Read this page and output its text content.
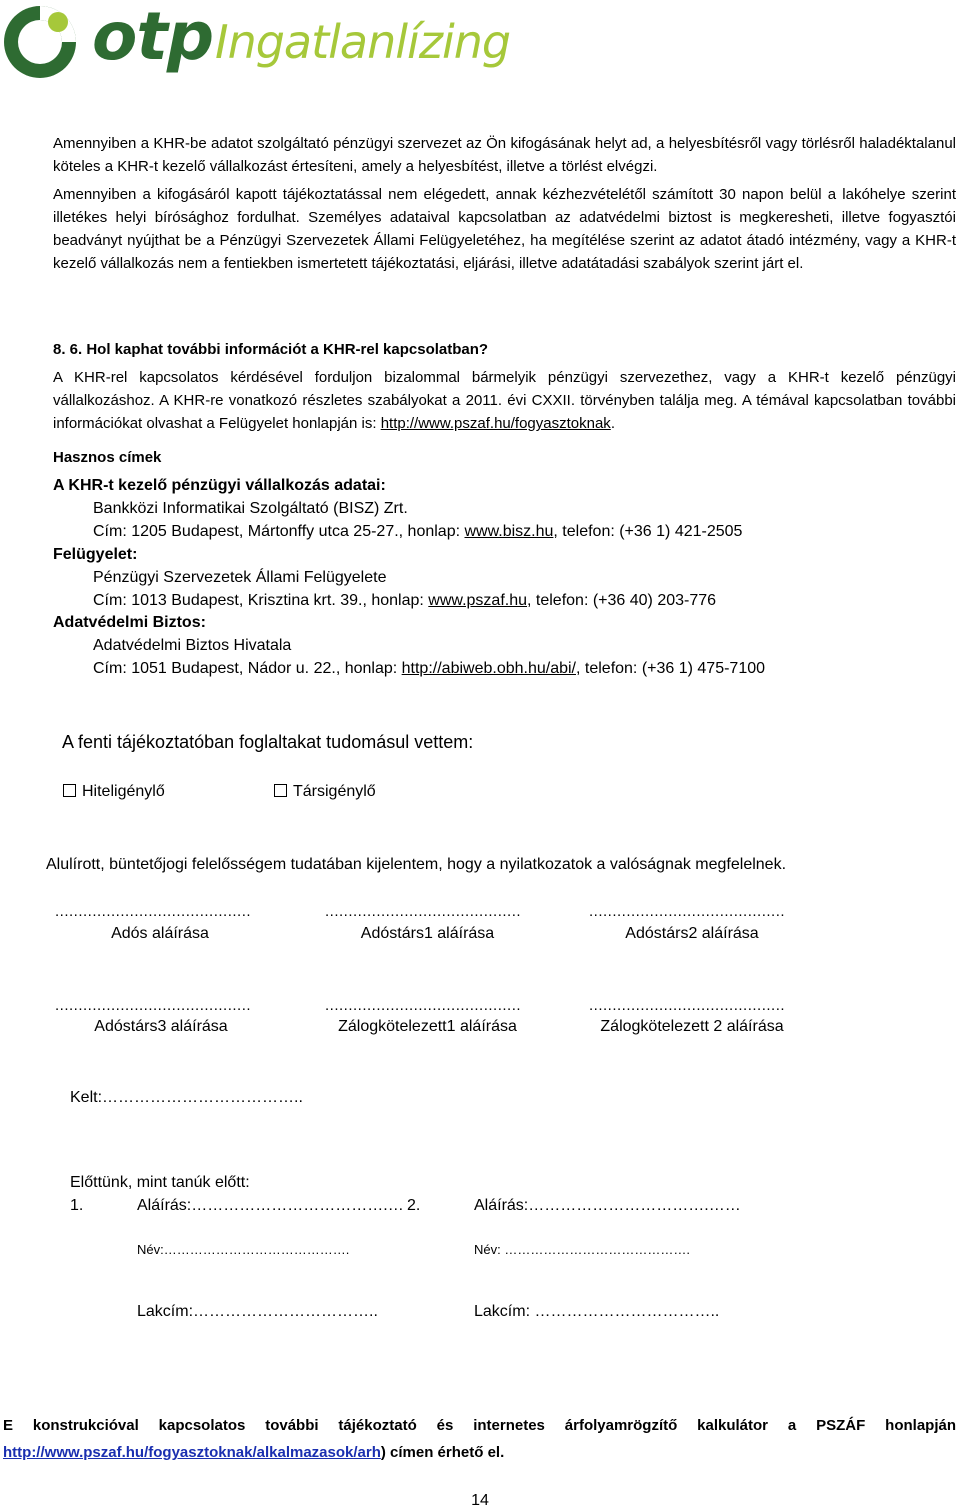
otp Ingatlanlízing
Amennyiben a KHR-be adatot szolgáltató pénzügyi szervezet az Ön kifogásának helyt ad, a helyesbítésről vagy törlésről haladéktalanul köteles a KHR-t kezelő vállalkozást értesíteni, amely a helyesbítést, illetve a törlést elvégzi.
Amennyiben a kifogásáról kapott tájékoztatással nem elégedett, annak kézhezvételétől számított 30 napon belül a lakóhelye szerint illetékes helyi bírósághoz fordulhat. Személyes adataival kapcsolatban az adatvédelmi biztost is megkeresheti, illetve fogyasztói beadványt nyújthat be a Pénzügyi Szervezetek Állami Felügyeletéhez, ha megítélése szerint az adatot átadó intézmény, vagy a KHR-t kezelő vállalkozás nem a fentiekben ismertetett tájékoztatási, eljárási, illetve adatátadási szabályok szerint járt el.
8. 6. Hol kaphat további információt a KHR-rel kapcsolatban?
A KHR-rel kapcsolatos kérdésével forduljon bizalommal bármelyik pénzügyi szervezethez, vagy a KHR-t kezelő pénzügyi vállalkozáshoz. A KHR-re vonatkozó részletes szabályokat a 2011. évi CXXII. törvényben találja meg. A témával kapcsolatban további információkat olvashat a Felügyelet honlapján is: http://www.pszaf.hu/fogyasztoknak.
Hasznos címek
A KHR-t kezelő pénzügyi vállalkozás adatai:
Bankközi Informatikai Szolgáltató (BISZ) Zrt.
Cím: 1205 Budapest, Mártonffy utca 25-27., honlap: www.bisz.hu, telefon: (+36 1) 421-2505
Felügyelet:
Pénzügyi Szervezetek Állami Felügyelete
Cím: 1013 Budapest, Krisztina krt. 39., honlap: www.pszaf.hu, telefon: (+36 40) 203-776
Adatvédelmi Biztos:
Adatvédelmi Biztos Hivatala
Cím: 1051 Budapest, Nádor u. 22., honlap: http://abiweb.obh.hu/abi/, telefon: (+36 1) 475-7100
A fenti tájékoztatóban foglaltakat tudomásul vettem:
Hiteligénylő	Társigénylő
Alulírott, büntetőjogi felelősségem tudatában kijelentem, hogy a nyilatkozatok a valóságnak megfelelnek.
..........................................	..........................................	..........................................
Adós aláírása	Adóstárs1 aláírása	Adóstárs2 aláírása
..........................................	..........................................	..........................................
Adóstárs3 aláírása	Zálogkötelezett1 aláírása	Zálogkötelezett 2 aláírása
Kelt:………………………………..
Előttünk, mint tanúk előtt:
1.	Aláírás:……………………………….… 2.	Aláírás:…………………………….……
Név:…………………………………….	Név: …………………………………….
Lakcím:……………………………..	Lakcím: ……………………………..
E konstrukcióval kapcsolatos további tájékoztató és internetes árfolyamrögzítő kalkulátor a PSZÁF honlapján
http://www.pszaf.hu/fogyasztoknak/alkalmazasok/arh) címen érhető el.
14
